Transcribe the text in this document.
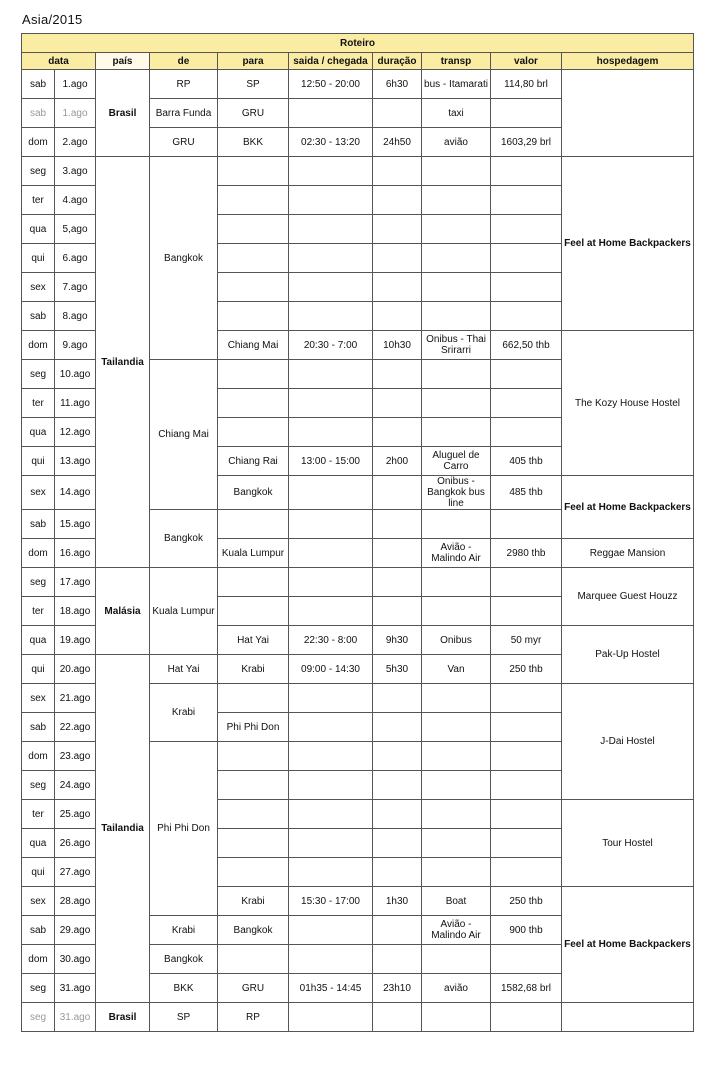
Asia/2015
Roteiro									
data		país	de	para	saida / chegada	duração	transp	valor	hospedagem
sab	1.ago	Brasil	RP	SP	12:50 - 20:00	6h30	bus - Itamarati	114,80 brl	
sab	1.ago		Barra Funda	GRU			taxi		
dom	2.ago		GRU	BKK	02:30 - 13:20	24h50	avião	1603,29 brl	
seg	3.ago	Tailandia	Bangkok						Feel at Home Backpackers
ter	4.ago								
qua	5,ago								
qui	6.ago								
sex	7.ago								
sab	8.ago								
dom	9.ago			Chiang Mai	20:30 - 7:00	10h30	Onibus - Thai Srirarri	662,50 thb	The Kozy House Hostel
seg	10.ago		Chiang Mai						
ter	11.ago								
qua	12.ago								
qui	13.ago			Chiang Rai	13:00 - 15:00	2h00	Aluguel de Carro	405 thb	
sex	14.ago			Bangkok			Onibus - Bangkok bus line	485 thb	Feel at Home Backpackers
sab	15.ago		Bangkok						
dom	16.ago			Kuala Lumpur			Avião - Malindo Air	2980 thb	Reggae Mansion
seg	17.ago	Malásia	Kuala Lumpur						Marquee Guest Houzz
ter	18.ago								
qua	19.ago			Hat Yai	22:30 - 8:00	9h30	Onibus	50 myr	Pak-Up Hostel
qui	20.ago	Tailandia	Hat Yai	Krabi	09:00 - 14:30	5h30	Van	250 thb	
sex	21.ago		Krabi						J-Dai Hostel
sab	22.ago			Phi Phi Don					
dom	23.ago		Phi Phi Don						
seg	24.ago								
ter	25.ago								Tour Hostel
qua	26.ago								
qui	27.ago								
sex	28.ago			Krabi	15:30 - 17:00	1h30	Boat	250 thb	Feel at Home Backpackers
sab	29.ago		Krabi	Bangkok			Avião - Malindo Air	900 thb	
dom	30.ago		Bangkok						
seg	31.ago		BKK	GRU	01h35 - 14:45	23h10	avião	1582,68 brl	
seg	31.ago	Brasil	SP	RP					
